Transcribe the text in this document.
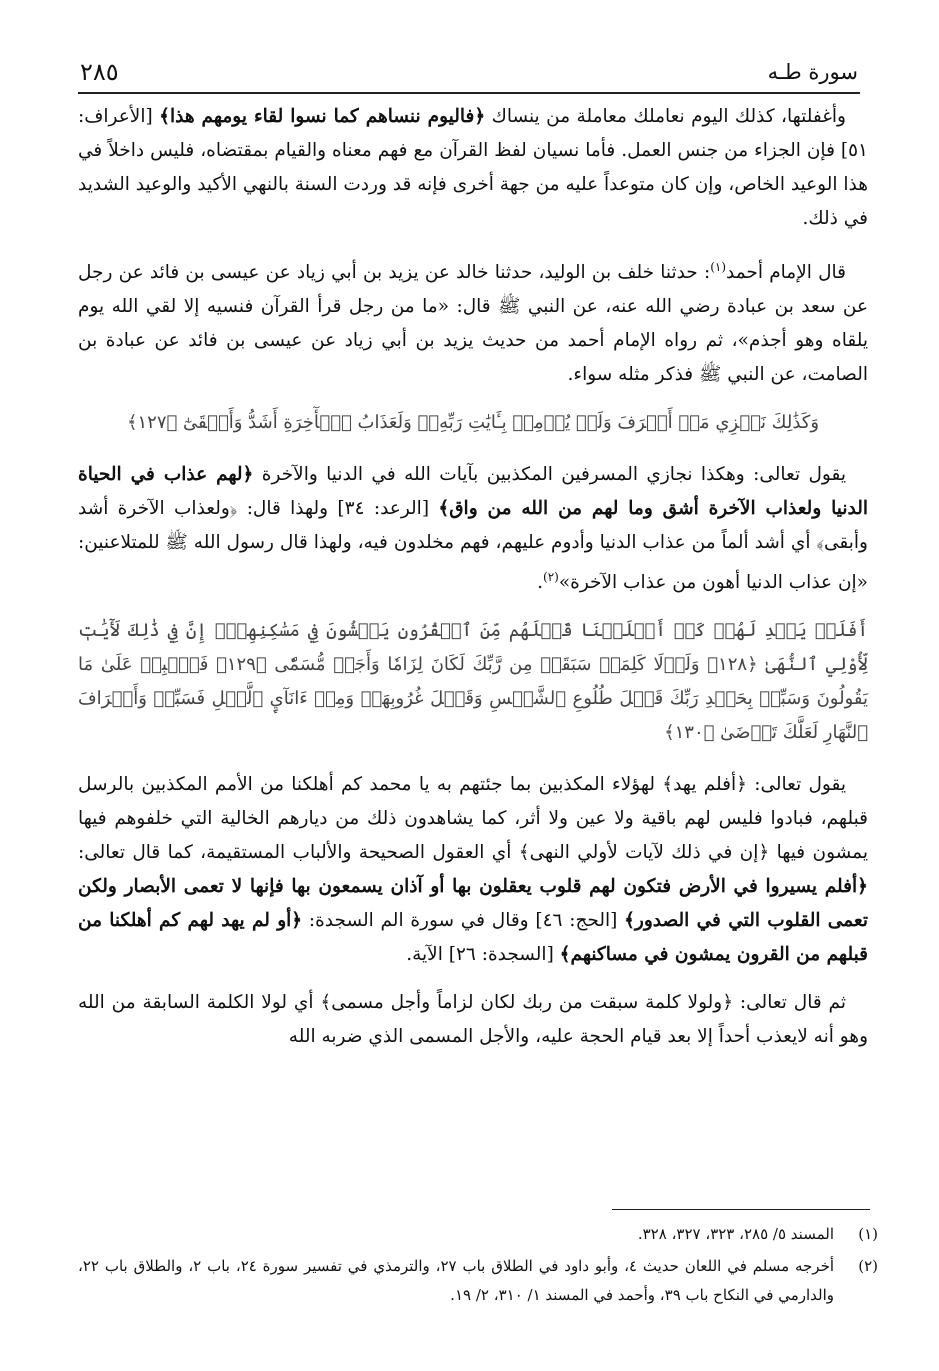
سورة طـه
٢٨٥

وأغفلتها، كذلك اليوم نعاملك معاملة من ينساك ﴿فاليوم ننساهم كما نسوا لقاء يومهم هذا﴾ [الأعراف: ٥١] فإن الجزاء من جنس العمل. فأما نسيان لفظ القرآن مع فهم معناه والقيام بمقتضاه، فليس داخلاً في هذا الوعيد الخاص، وإن كان متوعداً عليه من جهة أخرى فإنه قد وردت السنة بالنهي الأكيد والوعيد الشديد في ذلك.

قال الإمام أحمد$^{(١)}$: حدثنا خلف بن الوليد، حدثنا خالد عن يزيد بن أبي زياد عن عيسى بن فائد عن رجل عن سعد بن عبادة رضي الله عنه، عن النبي ﷺ قال: «ما من رجل قرأ القرآن فنسيه إلا لقي الله يوم يلقاه وهو أجذم»، ثم رواه الإمام أحمد من حديث يزيد بن أبي زياد عن عيسى بن فائد عن عبادة بن الصامت، عن النبي ﷺ فذكر مثله سواء.

وَكَذَٰلِكَ نَجۡزِي مَنۡ أَسۡرَفَ وَلَمۡ يُؤۡمِنۢ بِـَٔايَٰتِ رَبِّهِۦۚ وَلَعَذَابُ ٱلۡأٓخِرَةِ أَشَدُّ وَأَبۡقَىٰٓ ﴿١٢٧﴾

يقول تعالى: وهكذا نجازي المسرفين المكذبين بآيات الله في الدنيا والآخرة ﴿لهم عذاب في الحياة الدنيا ولعذاب الآخرة أشق وما لهم من الله من واق﴾ [الرعد: ٣٤] ولهذا قال: ﴿ولعذاب الآخرة أشد وأبقى﴾ أي أشد ألماً من عذاب الدنيا وأدوم عليهم، فهم مخلدون فيه، ولهذا قال رسول الله ﷺ للمتلاعنين: «إن عذاب الدنيا أهون من عذاب الآخرة»$^{(٢)}$.

أَفَلَمۡ يَهۡدِ لَهُمۡ كَمۡ أَهۡلَكۡنَا قَبۡلَهُم مِّنَ ٱلۡقُرُونِ يَمۡشُونَ فِي مَسَٰكِنِهِمۡۚ إِنَّ فِي ذَٰلِكَ لَأٓيَٰتٖ لِّأُوْلِي ٱلنُّهَىٰ ﴿١٢٨﴾ وَلَوۡلَا كَلِمَةٞ سَبَقَتۡ مِن رَّبِّكَ لَكَانَ لِزَامٗا وَأَجَلٞ مُّسَمّٗى ﴿١٢٩﴾ فَٱصۡبِرۡ عَلَىٰ مَا يَقُولُونَ وَسَبِّحۡ بِحَمۡدِ رَبِّكَ قَبۡلَ طُلُوعِ ٱلشَّمۡسِ وَقَبۡلَ غُرُوبِهَاۖ وَمِنۡ ءَانَآيِٕ ٱلَّيۡلِ فَسَبِّحۡ وَأَطۡرَافَ ٱلنَّهَارِ لَعَلَّكَ تَرۡضَىٰ ﴿١٣٠﴾

يقول تعالى: ﴿أفلم يهد﴾ لهؤلاء المكذبين بما جئتهم به يا محمد كم أهلكنا من الأمم المكذبين بالرسل قبلهم، فبادوا فليس لهم باقية ولا عين ولا أثر، كما يشاهدون ذلك من ديارهم الخالية التي خلفوهم فيها يمشون فيها ﴿إن في ذلك لآيات لأولي النهى﴾ أي العقول الصحيحة والألباب المستقيمة، كما قال تعالى: ﴿أفلم يسيروا في الأرض فتكون لهم قلوب يعقلون بها أو آذان يسمعون بها فإنها لا تعمى الأبصار ولكن تعمى القلوب التي في الصدور﴾ [الحج: ٤٦] وقال في سورة الم السجدة: ﴿أو لم يهد لهم كم أهلكنا من قبلهم من القرون يمشون في مساكنهم﴾ [السجدة: ٢٦] الآية.

ثم قال تعالى: ﴿ولولا كلمة سبقت من ربك لكان لزاماً وأجل مسمى﴾ أي لولا الكلمة السابقة من الله وهو أنه لايعذب أحداً إلا بعد قيام الحجة عليه، والأجل المسمى الذي ضربه الله

(١)
المسند ٥/ ٢٨٥، ٣٢٣، ٣٢٧، ٣٢٨.
(٢)
أخرجه مسلم في اللعان حديث ٤، وأبو داود في الطلاق باب ٢٧، والترمذي في تفسير سورة ٢٤، باب ٢، والطلاق باب ٢٢، والدارمي في النكاح باب ٣٩، وأحمد في المسند ١/ ٣١٠، ٢/ ١٩.
